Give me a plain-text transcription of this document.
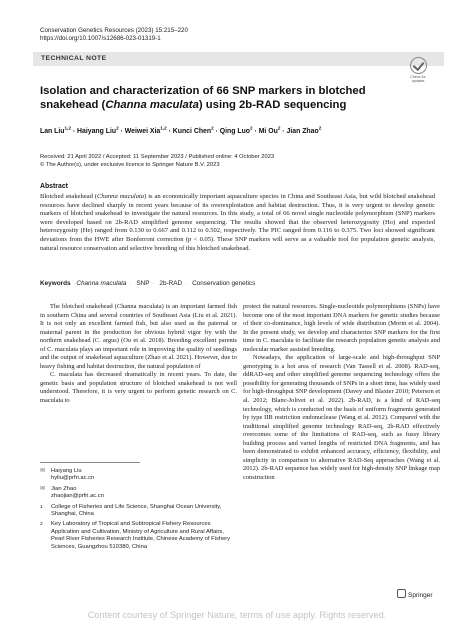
Conservation Genetics Resources (2023) 15:215–220
https://doi.org/10.1007/s12686-023-01319-1
TECHNICAL NOTE
Check for
updates
Isolation and characterization of 66 SNP markers in blotched snakehead (Channa maculata) using 2b-RAD sequencing
Lan Liu$^{1,2}$ · Haiyang Liu$^2$ · Weiwei Xia$^{1,2}$ · Kunci Chen$^2$ · Qing Luo$^2$ · Mi $Ou^2$ · Jian Zhao$^2$
Received: 21 April 2022 / Accepted: 11 September 2023 / Published online: 4 October 2023
© The Author(s), under exclusive licence to Springer Nature B.V. 2023
Abstract
Blotched snakehead (Channa maculata) is an economically important aquaculture species in China and Southeast Asia, but wild blotched snakehead resources have declined sharply in recent years because of its overexploitation and habitat destruction. Thus, it is very urgent to develop genetic markers of blotched snakehead to investigate the natural resources. In this study, a total of 66 novel single nucleotide polymorphism (SNP) markers were developed based on 2b-RAD simplified genome sequencing. The results showed that the observed heterozygosity (Ho) and expected heterozygosity (He) ranged from 0.130 to 0.667 and 0.112 to 0.502, respectively. The PIC ranged from 0.116 to 0.375. Two loci showed significant deviations from the HWE after Bonferroni correction (p < 0.05). These SNP markers will serve as a valuable tool for population genetic analysis, natural resource conservation and selective breeding of this blotched snakehead.
Keywords Channa maculata · SNP · 2b-RAD · Conservation genetics

The blotched snakehead (Channa maculata) is an important farmed fish in southern China and several countries of Southeast Asia (Liu et al. 2021). It is not only an excellent farmed fish, but also used as the paternal or maternal parent in the production for obvious hybrid vigor fry with the northern snakehead (C. argus) (Ou et al. 2018). Breeding excellent parents of C. maculata plays an important role in improving the quality of seedlings and the output of snakehead aquaculture (Zhao et al. 2021). However, due to heavy fishing and habitat destruction, the natural population of

C. maculata has decreased dramatically in recent years. To date, the genetic basis and population structure of blotched snakehead is not well understood. Therefore, it is very urgent to perform genetic research on C. maculata to

protect the natural resources. Single-nucleotide polymorphisms (SNPs) have become one of the most important DNA markers for genetic studies because of their co-dominance, high levels of wide distribution (Morin et al. 2004). In the present study, we develop and characterize SNP markers for the first time in C. maculata to facilitate the research population genetic analysis and molecular marker assisted breeding.

Nowadays, the application of large-scale and high-throughput SNP genotyping is a hot area of research (Van Tassell et al. 2008). RAD-seq, ddRAD-seq and other simplified genome sequencing technology offers the possibility for generating thousands of SNPs in a short time, has widely used for high-throughput SNP development (Davey and Blaxter 2010; Peterson et al. 2012; Blanc-Jolivet et al. 2022). 2b-RAD, is a kind of RAD-seq technology, which is conducted on the basis of uniform fragments generated by type IIB restriction endonuclease (Wang et al. 2012). Compared with the traditional simplified genome technology RAD-seq, 2b-RAD effectively overcomes some of the limitations of RAD-seq, such as fussy library building process and varied lengths of restricted DNA fragments, and has been demonstrated to exhibit enhanced accuracy, efficiency, flexibility, and simplicity in comparison to alternative RAD-Seq approaches (Wang et al. 2012). 2b-RAD sequence has widely used for high-density SNP linkage map construction

✉	Haiyang Liu
hyliu@prfri.ac.cn
✉	Jian Zhao
zhaojian@prfri.ac.cn
1	College of Fisheries and Life Science, Shanghai Ocean University, Shanghai, China
2	Key Laboratory of Tropical and Subtropical Fishery Resources Application and Cultivation, Ministry of Agriculture and Rural Affairs, Pearl River Fisheries Research Institute, Chinese Academy of Fishery Sciences, Guangzhou 510380, China
Springer
Content courtesy of Springer Nature, terms of use apply. Rights reserved.
